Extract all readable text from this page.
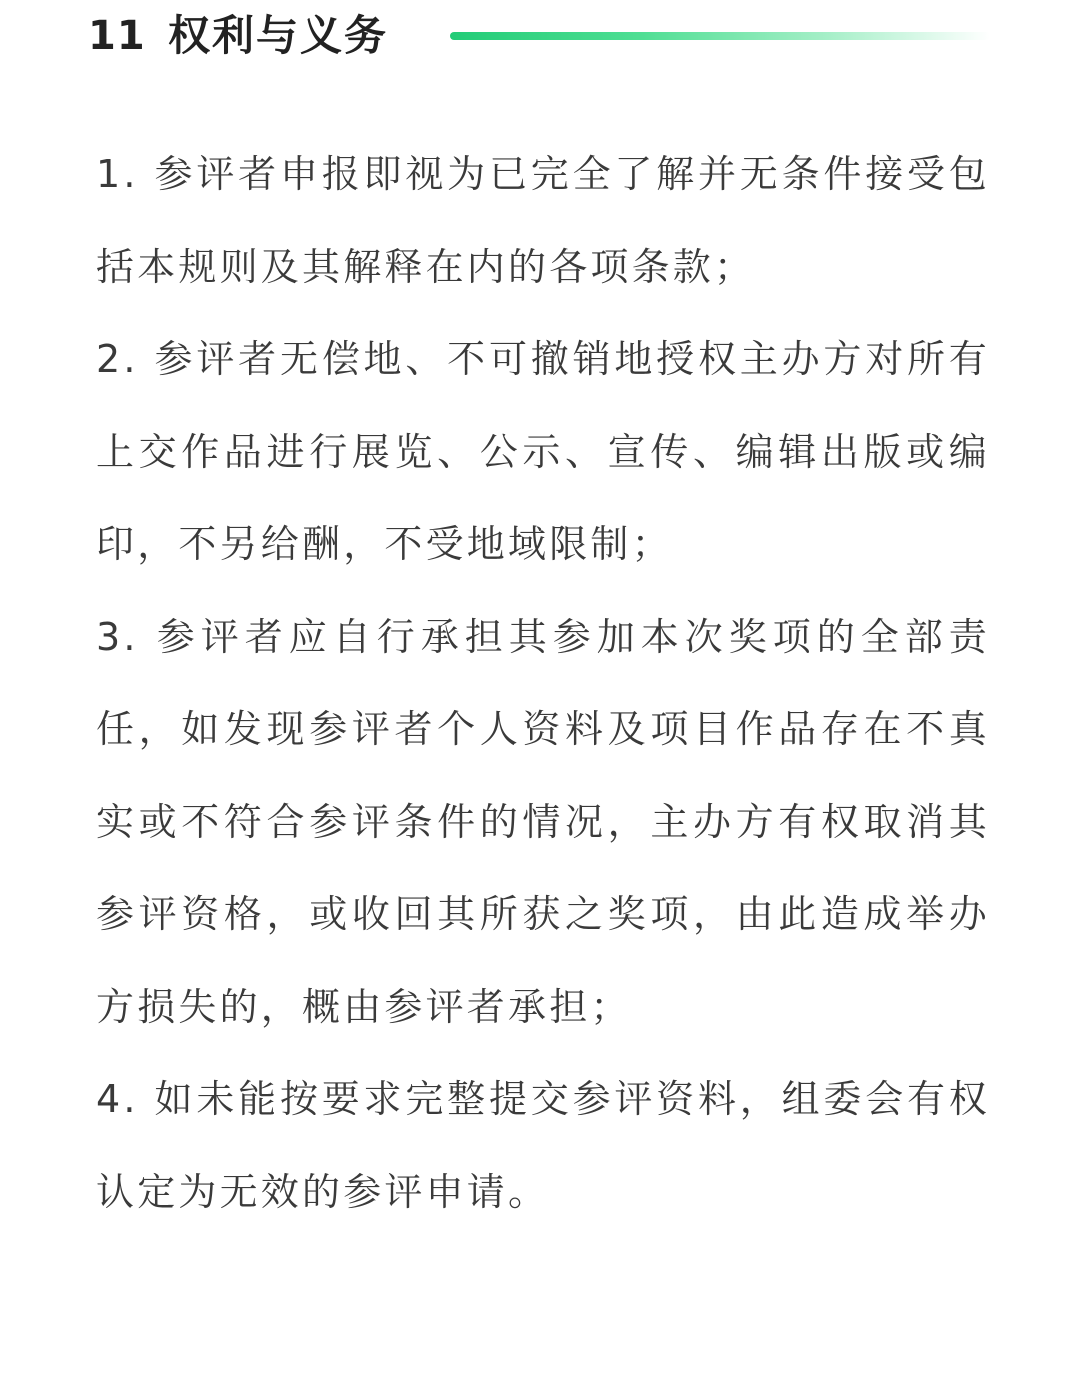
11 权利与义务
1. 参评者申报即视为已完全了解并无条件接受包括本规则及其解释在内的各项条款；
2. 参评者无偿地、不可撤销地授权主办方对所有上交作品进行展览、公示、宣传、编辑出版或编印，不另给酬，不受地域限制；
3. 参评者应自行承担其参加本次奖项的全部责任，如发现参评者个人资料及项目作品存在不真实或不符合参评条件的情况，主办方有权取消其参评资格，或收回其所获之奖项，由此造成举办方损失的，概由参评者承担；
4. 如未能按要求完整提交参评资料，组委会有权认定为无效的参评申请。
